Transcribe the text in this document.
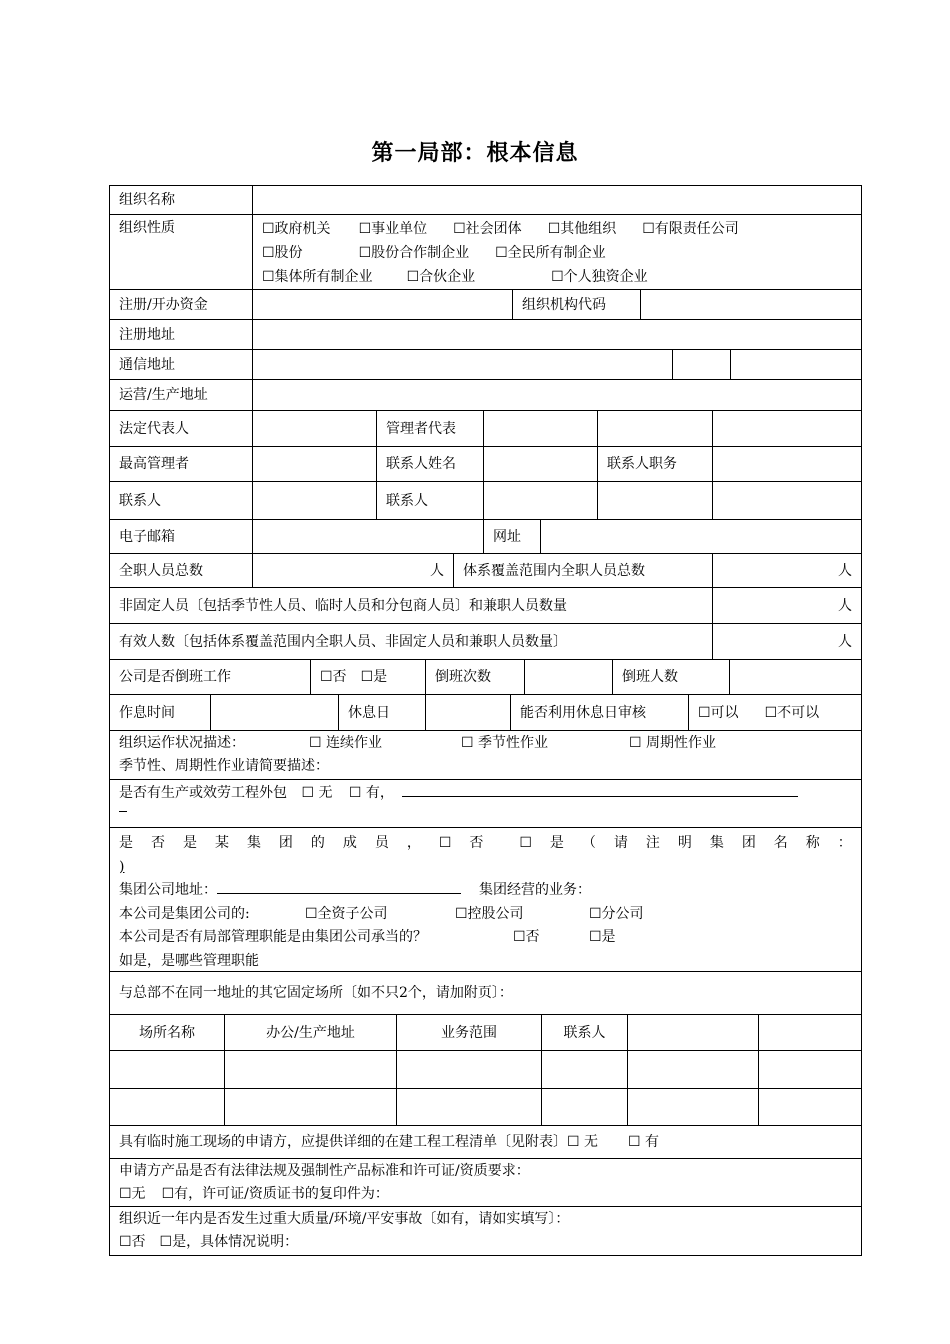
第一局部：根本信息
组织名称
组织性质	☐政府机关 ☐事业单位 ☐社会团体 ☐其他组织 ☐有限责任公司
☐股份	☐股份合作制企业 ☐全民所有制企业
☐集体所有制企业 ☐合伙企业	☐个人独资企业
注册/开办资金	组织机构代码
注册地址
通信地址
运营/生产地址
法定代表人	管理者代表
最高管理者	联系人姓名	联系人职务
联系人	联系人
电子邮箱	网址
全职人员总数	人	体系覆盖范围内全职人员总数	人
非固定人员〔包括季节性人员、临时人员和分包商人员〕和兼职人员数量	人
有效人数〔包括体系覆盖范围内全职人员、非固定人员和兼职人员数量〕	人
公司是否倒班工作	☐否 ☐是	倒班次数	倒班人数
作息时间	休息日	能否利用休息日审核	☐可以 ☐不可以
组织运作状况描述：	☐ 连续作业	☐ 季节性作业	☐ 周期性作业
季节性、周期性作业请简要描述：
是否有生产或效劳工程外包 ☐ 无 ☐ 有，
是 否 是 某 集 团 的 成 员 ， ☐ 否	☐ 是 （ 请 注 明 集 团 名 称 ：
)
集团公司地址：	集团经营的业务：
本公司是集团公司的:	☐全资子公司	☐控股公司	☐分公司
本公司是否有局部管理职能是由集团公司承当的？	☐否	☐是
如是，是哪些管理职能
与总部不在同一地址的其它固定场所〔如不只2个，请加附页〕：
场所名称	办公/生产地址	业务范围	联系人
具有临时施工现场的申请方，应提供详细的在建工程工程清单〔见附表〕☐ 无 ☐ 有
申请方产品是否有法律法规及强制性产品标准和许可证/资质要求：
☐无 ☐有，许可证/资质证书的复印件为：
组织近一年内是否发生过重大质量/环境/平安事故〔如有，请如实填写〕：
☐否　☐是，具体情况说明：
